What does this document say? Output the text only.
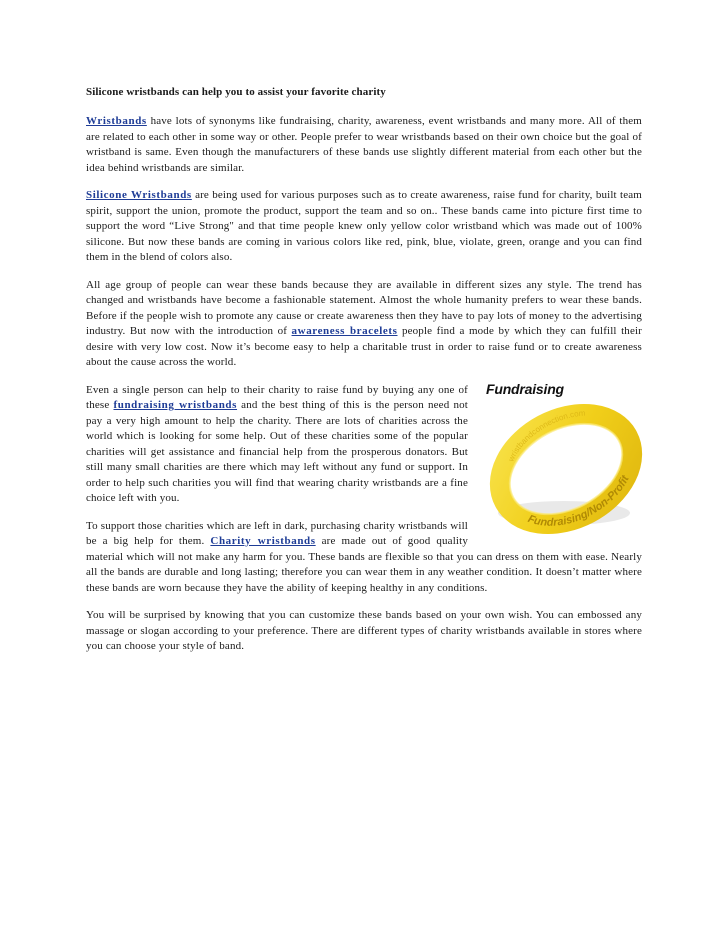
Silicone wristbands can help you to assist your favorite charity

Wristbands have lots of synonyms like fundraising, charity, awareness, event wristbands and many more. All of them are related to each other in some way or other. People prefer to wear wristbands based on their own choice but the goal of wristband is same. Even though the manufacturers of these bands use slightly different material from each other but the idea behind wristbands are similar.

Silicone Wristbands are being used for various purposes such as to create awareness, raise fund for charity, built team spirit, support the union, promote the product, support the team and so on.. These bands came into picture first time to support the word “Live Strong" and that time people knew only yellow color wristband which was made out of 100% silicone. But now these bands are coming in various colors like red, pink, blue, violate, green, orange and you can find them in the blend of colors also.

All age group of people can wear these bands because they are available in different sizes any style. The trend has changed and wristbands have become a fashionable statement. Almost the whole humanity prefers to wear these bands. Before if the people wish to promote any cause or create awareness then they have to pay lots of money to the advertising industry. But now with the introduction of awareness bracelets people find a mode by which they can fulfill their desire with very low cost. Now it’s become easy to help a charitable trust in order to raise fund or to create awareness about the cause across the world.

Fundraising
Fundraising/Non-Profit
wristbandconnection.com

Even a single person can help to their charity to raise fund by buying any one of these fundraising wristbands and the best thing of this is the person need not pay a very high amount to help the charity. There are lots of charities across the world which is looking for some help. Out of these charities some of the popular charities will get assistance and financial help from the prosperous donators. But still many small charities are there which may left without any fund or support. In order to help such charities you will find that wearing charity wristbands are a fine choice left with you.

To support those charities which are left in dark, purchasing charity wristbands will be a big help for them. Charity wristbands are made out of good quality material which will not make any harm for you. These bands are flexible so that you can dress on them with ease. Nearly all the bands are durable and long lasting; therefore you can wear them in any weather condition. It doesn’t matter where these bands are worn because they have the ability of keeping healthy in any conditions.

You will be surprised by knowing that you can customize these bands based on your own wish. You can embossed any massage or slogan according to your preference. There are different types of charity wristbands available in stores where you can choose your style of band.
